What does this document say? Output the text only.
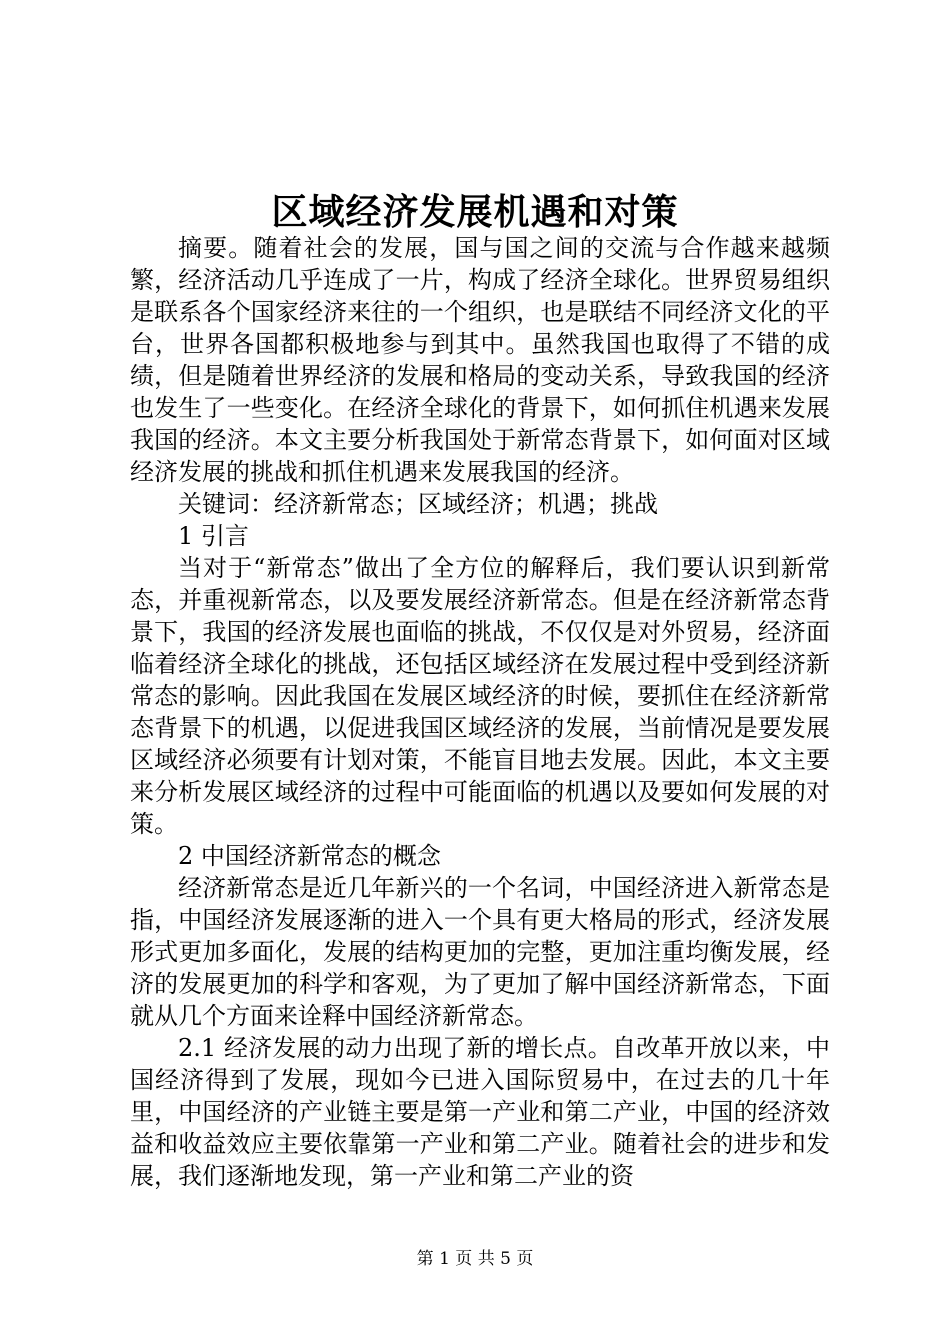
区域经济发展机遇和对策

摘要。随着社会的发展，国与国之间的交流与合作越来越频繁，经济活动几乎连成了一片，构成了经济全球化。世界贸易组织是联系各个国家经济来往的一个组织，也是联结不同经济文化的平台，世界各国都积极地参与到其中。虽然我国也取得了不错的成绩，但是随着世界经济的发展和格局的变动关系，导致我国的经济也发生了一些变化。在经济全球化的背景下，如何抓住机遇来发展我国的经济。本文主要分析我国处于新常态背景下，如何面对区域经济发展的挑战和抓住机遇来发展我国的经济。

关键词：经济新常态；区域经济；机遇；挑战

1 引言

当对于“新常态”做出了全方位的解释后，我们要认识到新常态，并重视新常态，以及要发展经济新常态。但是在经济新常态背景下，我国的经济发展也面临的挑战，不仅仅是对外贸易，经济面临着经济全球化的挑战，还包括区域经济在发展过程中受到经济新常态的影响。因此我国在发展区域经济的时候，要抓住在经济新常态背景下的机遇，以促进我国区域经济的发展，当前情况是要发展区域经济必须要有计划对策，不能盲目地去发展。因此，本文主要来分析发展区域经济的过程中可能面临的机遇以及要如何发展的对策。

2 中国经济新常态的概念

经济新常态是近几年新兴的一个名词，中国经济进入新常态是指，中国经济发展逐渐的进入一个具有更大格局的形式，经济发展形式更加多面化，发展的结构更加的完整，更加注重均衡发展，经济的发展更加的科学和客观，为了更加了解中国经济新常态，下面就从几个方面来诠释中国经济新常态。

2.1 经济发展的动力出现了新的增长点。自改革开放以来，中国经济得到了发展，现如今已进入国际贸易中，在过去的几十年里，中国经济的产业链主要是第一产业和第二产业，中国的经济效益和收益效应主要依靠第一产业和第二产业。随着社会的进步和发展，我们逐渐地发现，第一产业和第二产业的资

第 1 页 共 5 页
